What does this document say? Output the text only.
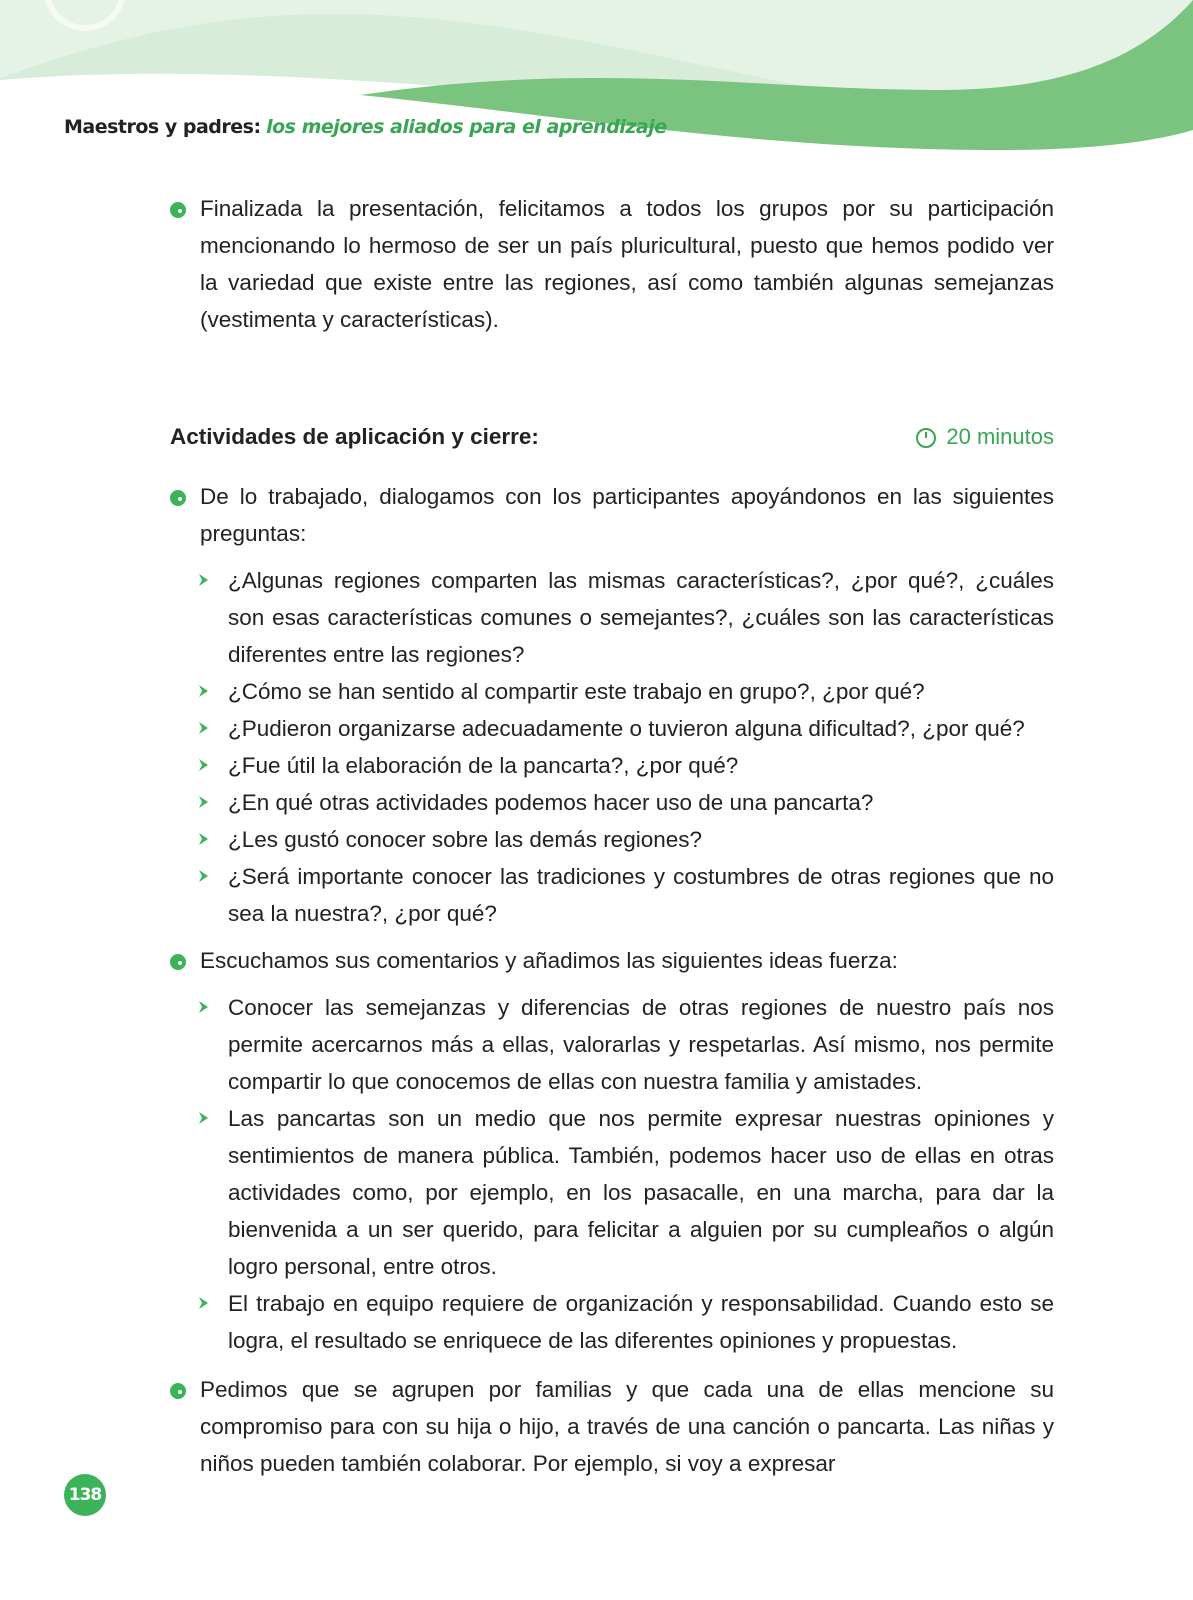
Maestros y padres: los mejores aliados para el aprendizaje
Finalizada la presentación, felicitamos a todos los grupos por su participación mencionando lo hermoso de ser un país pluricultural, puesto que hemos podido ver la variedad que existe entre las regiones, así como también algunas semejanzas (vestimenta y características).
Actividades de aplicación y cierre:	20 minutos
De lo trabajado, dialogamos con los participantes apoyándonos en las siguientes preguntas:
¿Algunas regiones comparten las mismas características?, ¿por qué?, ¿cuáles son esas características comunes o semejantes?, ¿cuáles son las características diferentes entre las regiones?
¿Cómo se han sentido al compartir este trabajo en grupo?, ¿por qué?
¿Pudieron organizarse adecuadamente o tuvieron alguna dificultad?, ¿por qué?
¿Fue útil la elaboración de la pancarta?, ¿por qué?
¿En qué otras actividades podemos hacer uso de una pancarta?
¿Les gustó conocer sobre las demás regiones?
¿Será importante conocer las tradiciones y costumbres de otras regiones que no sea la nuestra?, ¿por qué?
Escuchamos sus comentarios y añadimos las siguientes ideas fuerza:
Conocer las semejanzas y diferencias de otras regiones de nuestro país nos permite acercarnos más a ellas, valorarlas y respetarlas. Así mismo, nos permite compartir lo que conocemos de ellas con nuestra familia y amistades.
Las pancartas son un medio que nos permite expresar nuestras opiniones y sentimientos de manera pública. También, podemos hacer uso de ellas en otras actividades como, por ejemplo, en los pasacalle, en una marcha, para dar la bienvenida a un ser querido, para felicitar a alguien por su cumpleaños o algún logro personal, entre otros.
El trabajo en equipo requiere de organización y responsabilidad. Cuando esto se logra, el resultado se enriquece de las diferentes opiniones y propuestas.
Pedimos que se agrupen por familias y que cada una de ellas mencione su compromiso para con su hija o hijo, a través de una canción o pancarta. Las niñas y niños pueden también colaborar. Por ejemplo, si voy a expresar
138
